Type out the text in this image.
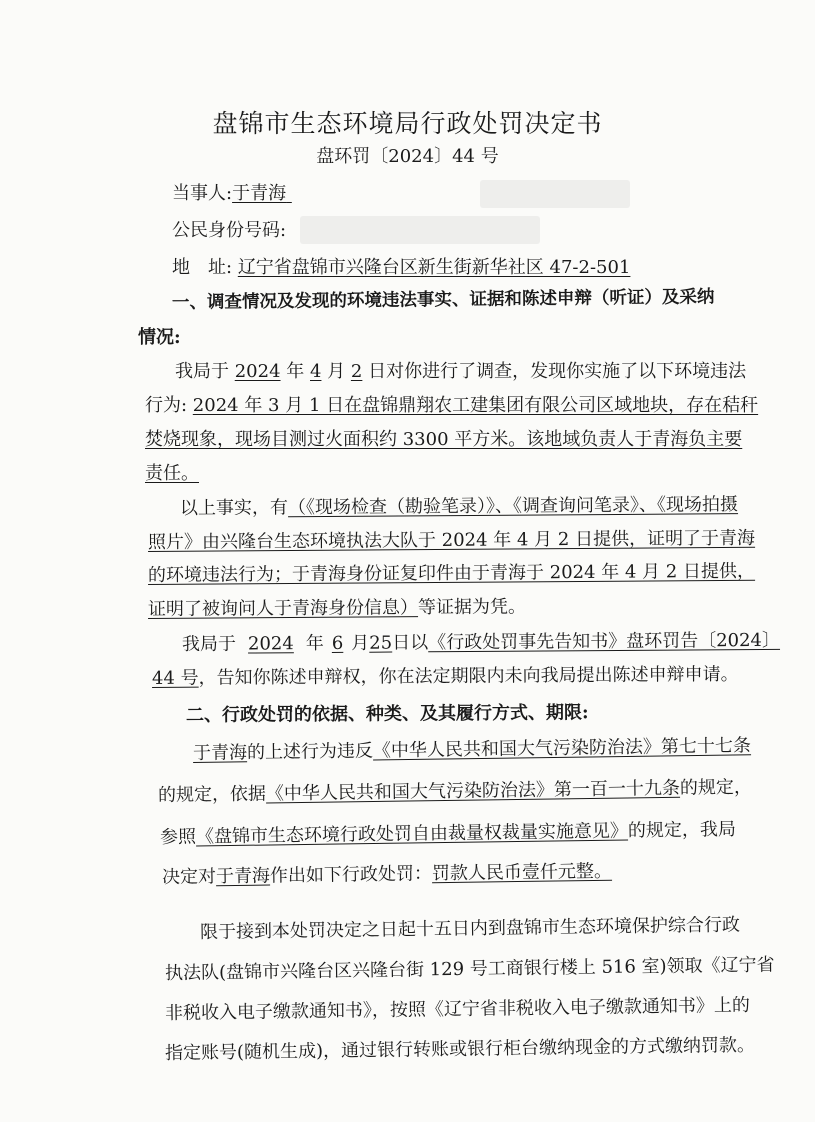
盘锦市生态环境局行政处罚决定书
盘环罚〔2024〕44 号
当事人:于青海
公民身份号码:
地　址: 辽宁省盘锦市兴隆台区新生街新华社区 47-2-501
一、调查情况及发现的环境违法事实、证据和陈述申辩（听证）及采纳
情况:
我局于 2024 年 4 月 2 日对你进行了调查，发现你实施了以下环境违法
行为: 2024 年 3 月 1 日在盘锦鼎翔农工建集团有限公司区域地块，存在秸秆
焚烧现象，现场目测过火面积约 3300 平方米。该地域负责人于青海负主要
责任。
以上事实，有（《现场检查（勘验笔录）》、《调查询问笔录》、《现场拍摄
照片》由兴隆台生态环境执法大队于 2024 年 4 月 2 日提供，证明了于青海
的环境违法行为；于青海身份证复印件由于青海于 2024 年 4 月 2 日提供，
证明了被询问人于青海身份信息）等证据为凭。
我局于 2024 年 6 月25日以《行政处罚事先告知书》盘环罚告〔2024〕
44 号，告知你陈述申辩权，你在法定期限内未向我局提出陈述申辩申请。
二、行政处罚的依据、种类、及其履行方式、期限:
于青海的上述行为违反《中华人民共和国大气污染防治法》第七十七条
的规定，依据《中华人民共和国大气污染防治法》第一百一十九条的规定，
参照《盘锦市生态环境行政处罚自由裁量权裁量实施意见》的规定，我局
决定对于青海作出如下行政处罚：罚款人民币壹仟元整。
限于接到本处罚决定之日起十五日内到盘锦市生态环境保护综合行政
执法队(盘锦市兴隆台区兴隆台街 129 号工商银行楼上 516 室)领取《辽宁省
非税收入电子缴款通知书》，按照《辽宁省非税收入电子缴款通知书》上的
指定账号(随机生成)，通过银行转账或银行柜台缴纳现金的方式缴纳罚款。
